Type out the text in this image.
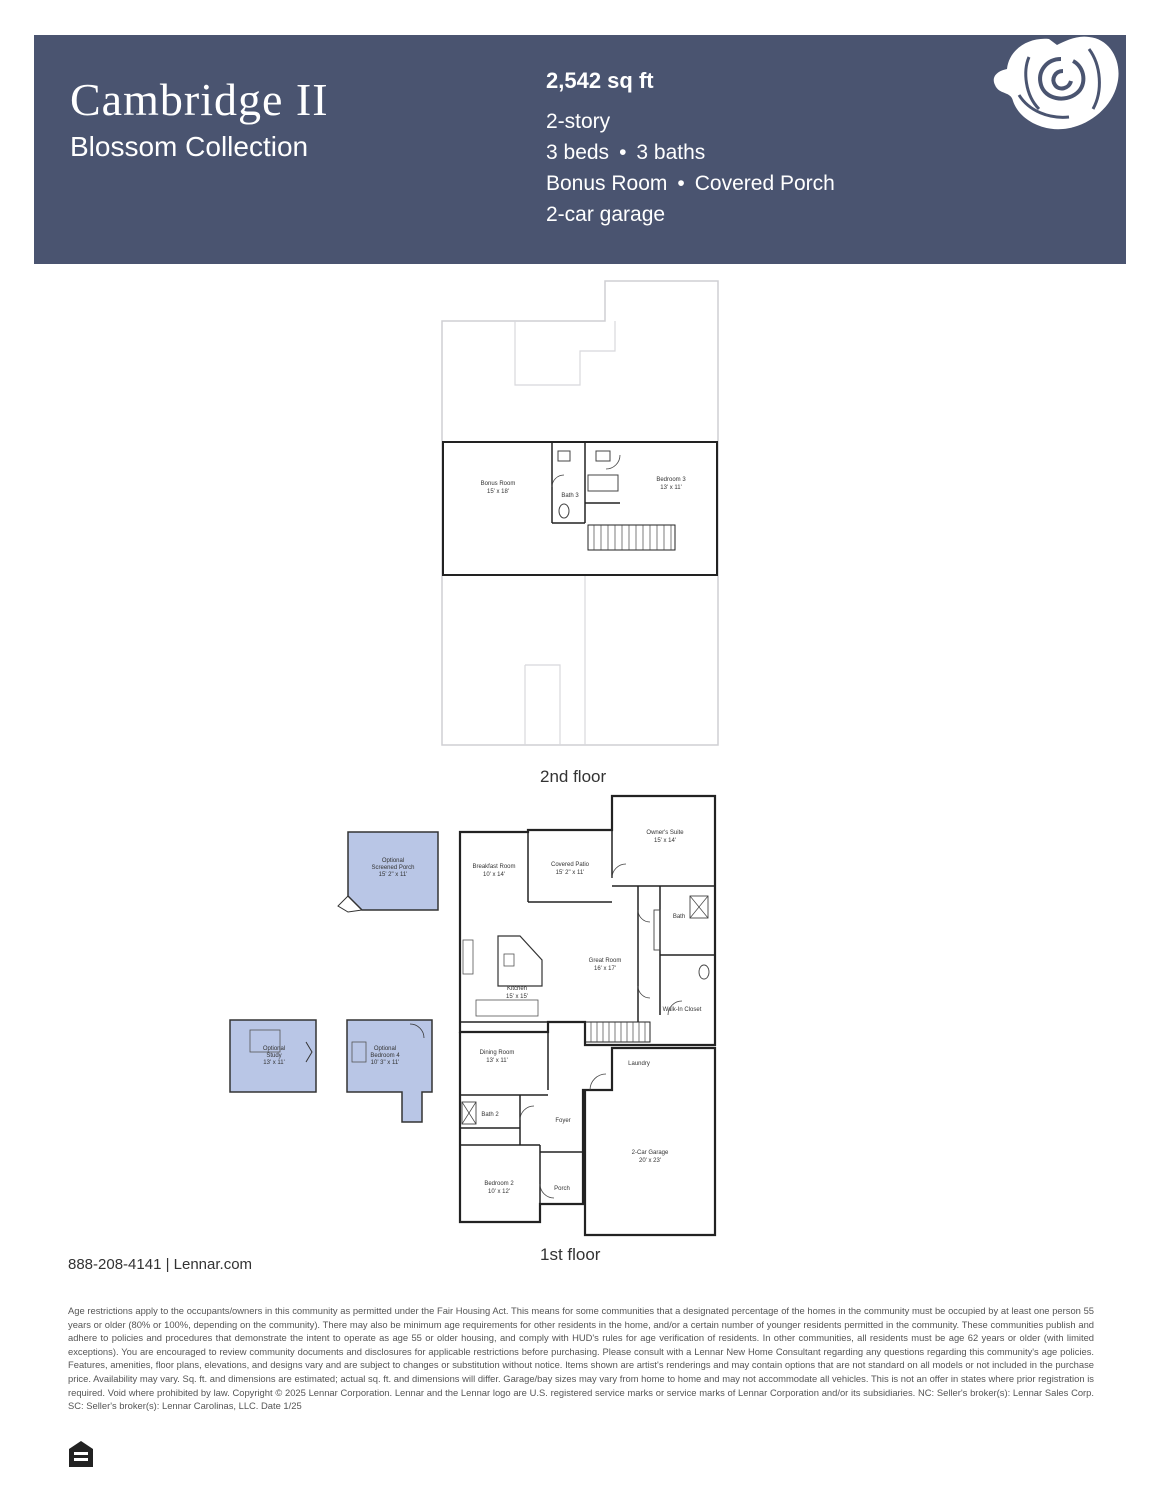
Cambridge II
Blossom Collection
2,542 sq ft
2-story
3 beds • 3 baths
Bonus Room • Covered Porch
2-car garage
Bonus Room
15' x 18'
Bath 3
Bedroom 3
13' x 11'
2nd floor
Optional
Screened Porch
15' 2" x 11'
Breakfast Room
10' x 14'
Covered Patio
15' 2" x 11'
Owner's Suite
15' x 14'
Bath
Great Room
16' x 17'
Kitchen
15' x 15'
Walk-In Closet
Optional
Study
13' x 11'
Optional
Bedroom 4
10' 3" x 11'
Dining Room
13' x 11'	Laundry
Bath 2
Foyer
2-Car Garage
20' x 23'
Bedroom 2
10' x 12'	Porch
1st floor
888-208-4141 | Lennar.com
Age restrictions apply to the occupants/owners in this community as permitted under the Fair Housing Act. This means for some communities that a designated percentage of the homes in the community must be occupied by at least one person 55 years or older (80% or 100%, depending on the community). There may also be minimum age requirements for other residents in the home, and/or a certain number of younger residents permitted in the community. These communities publish and adhere to policies and procedures that demonstrate the intent to operate as age 55 or older housing, and comply with HUD's rules for age verification of residents. In other communities, all residents must be age 62 years or older (with limited exceptions). You are encouraged to review community documents and disclosures for applicable restrictions before purchasing. Please consult with a Lennar New Home Consultant regarding any questions regarding this community's age policies. Features, amenities, floor plans, elevations, and designs vary and are subject to changes or substitution without notice. Items shown are artist's renderings and may contain options that are not standard on all models or not included in the purchase price. Availability may vary. Sq. ft. and dimensions are estimated; actual sq. ft. and dimensions will differ. Garage/bay sizes may vary from home to home and may not accommodate all vehicles. This is not an offer in states where prior registration is required. Void where prohibited by law. Copyright © 2025 Lennar Corporation. Lennar and the Lennar logo are U.S. registered service marks or service marks of Lennar Corporation and/or its subsidiaries. NC: Seller's broker(s): Lennar Sales Corp. SC: Seller's broker(s): Lennar Carolinas, LLC. Date 1/25
